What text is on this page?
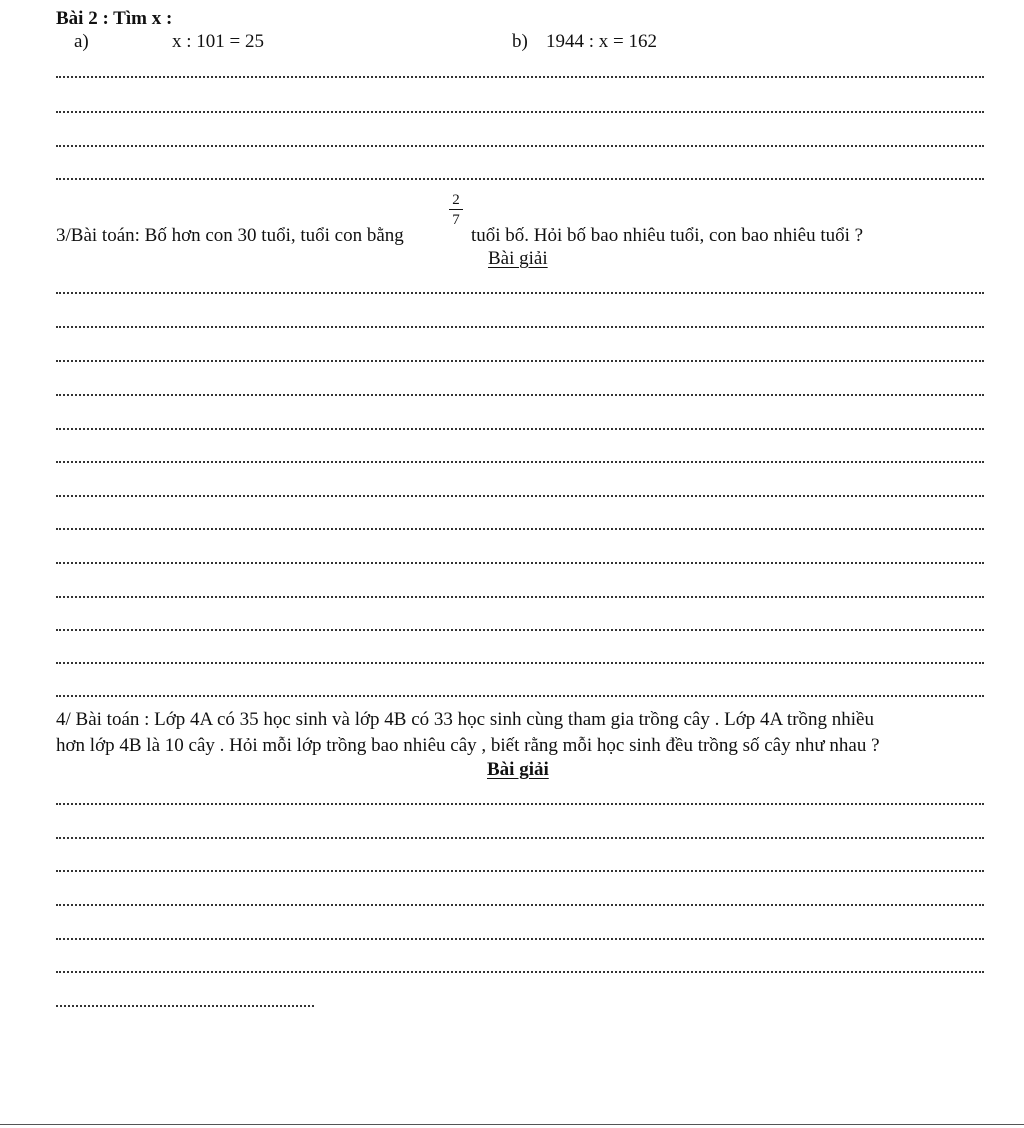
Bài 2 : Tìm x :
a)	x : 101 = 25	b) 1944 : x = 162
3/Bài toán: Bố hơn con 30 tuổi, tuổi con bằng
2
7
tuổi bố. Hỏi bố bao nhiêu tuổi, con bao nhiêu tuổi ?
Bài giải
4/ Bài toán : Lớp 4A có 35 học sinh và lớp 4B có 33 học sinh cùng tham gia trồng cây . Lớp 4A trồng nhiều
hơn lớp 4B là 10 cây . Hỏi mỗi lớp trồng bao nhiêu cây , biết rằng mỗi học sinh đều trồng số cây như nhau ?
Bài giải
